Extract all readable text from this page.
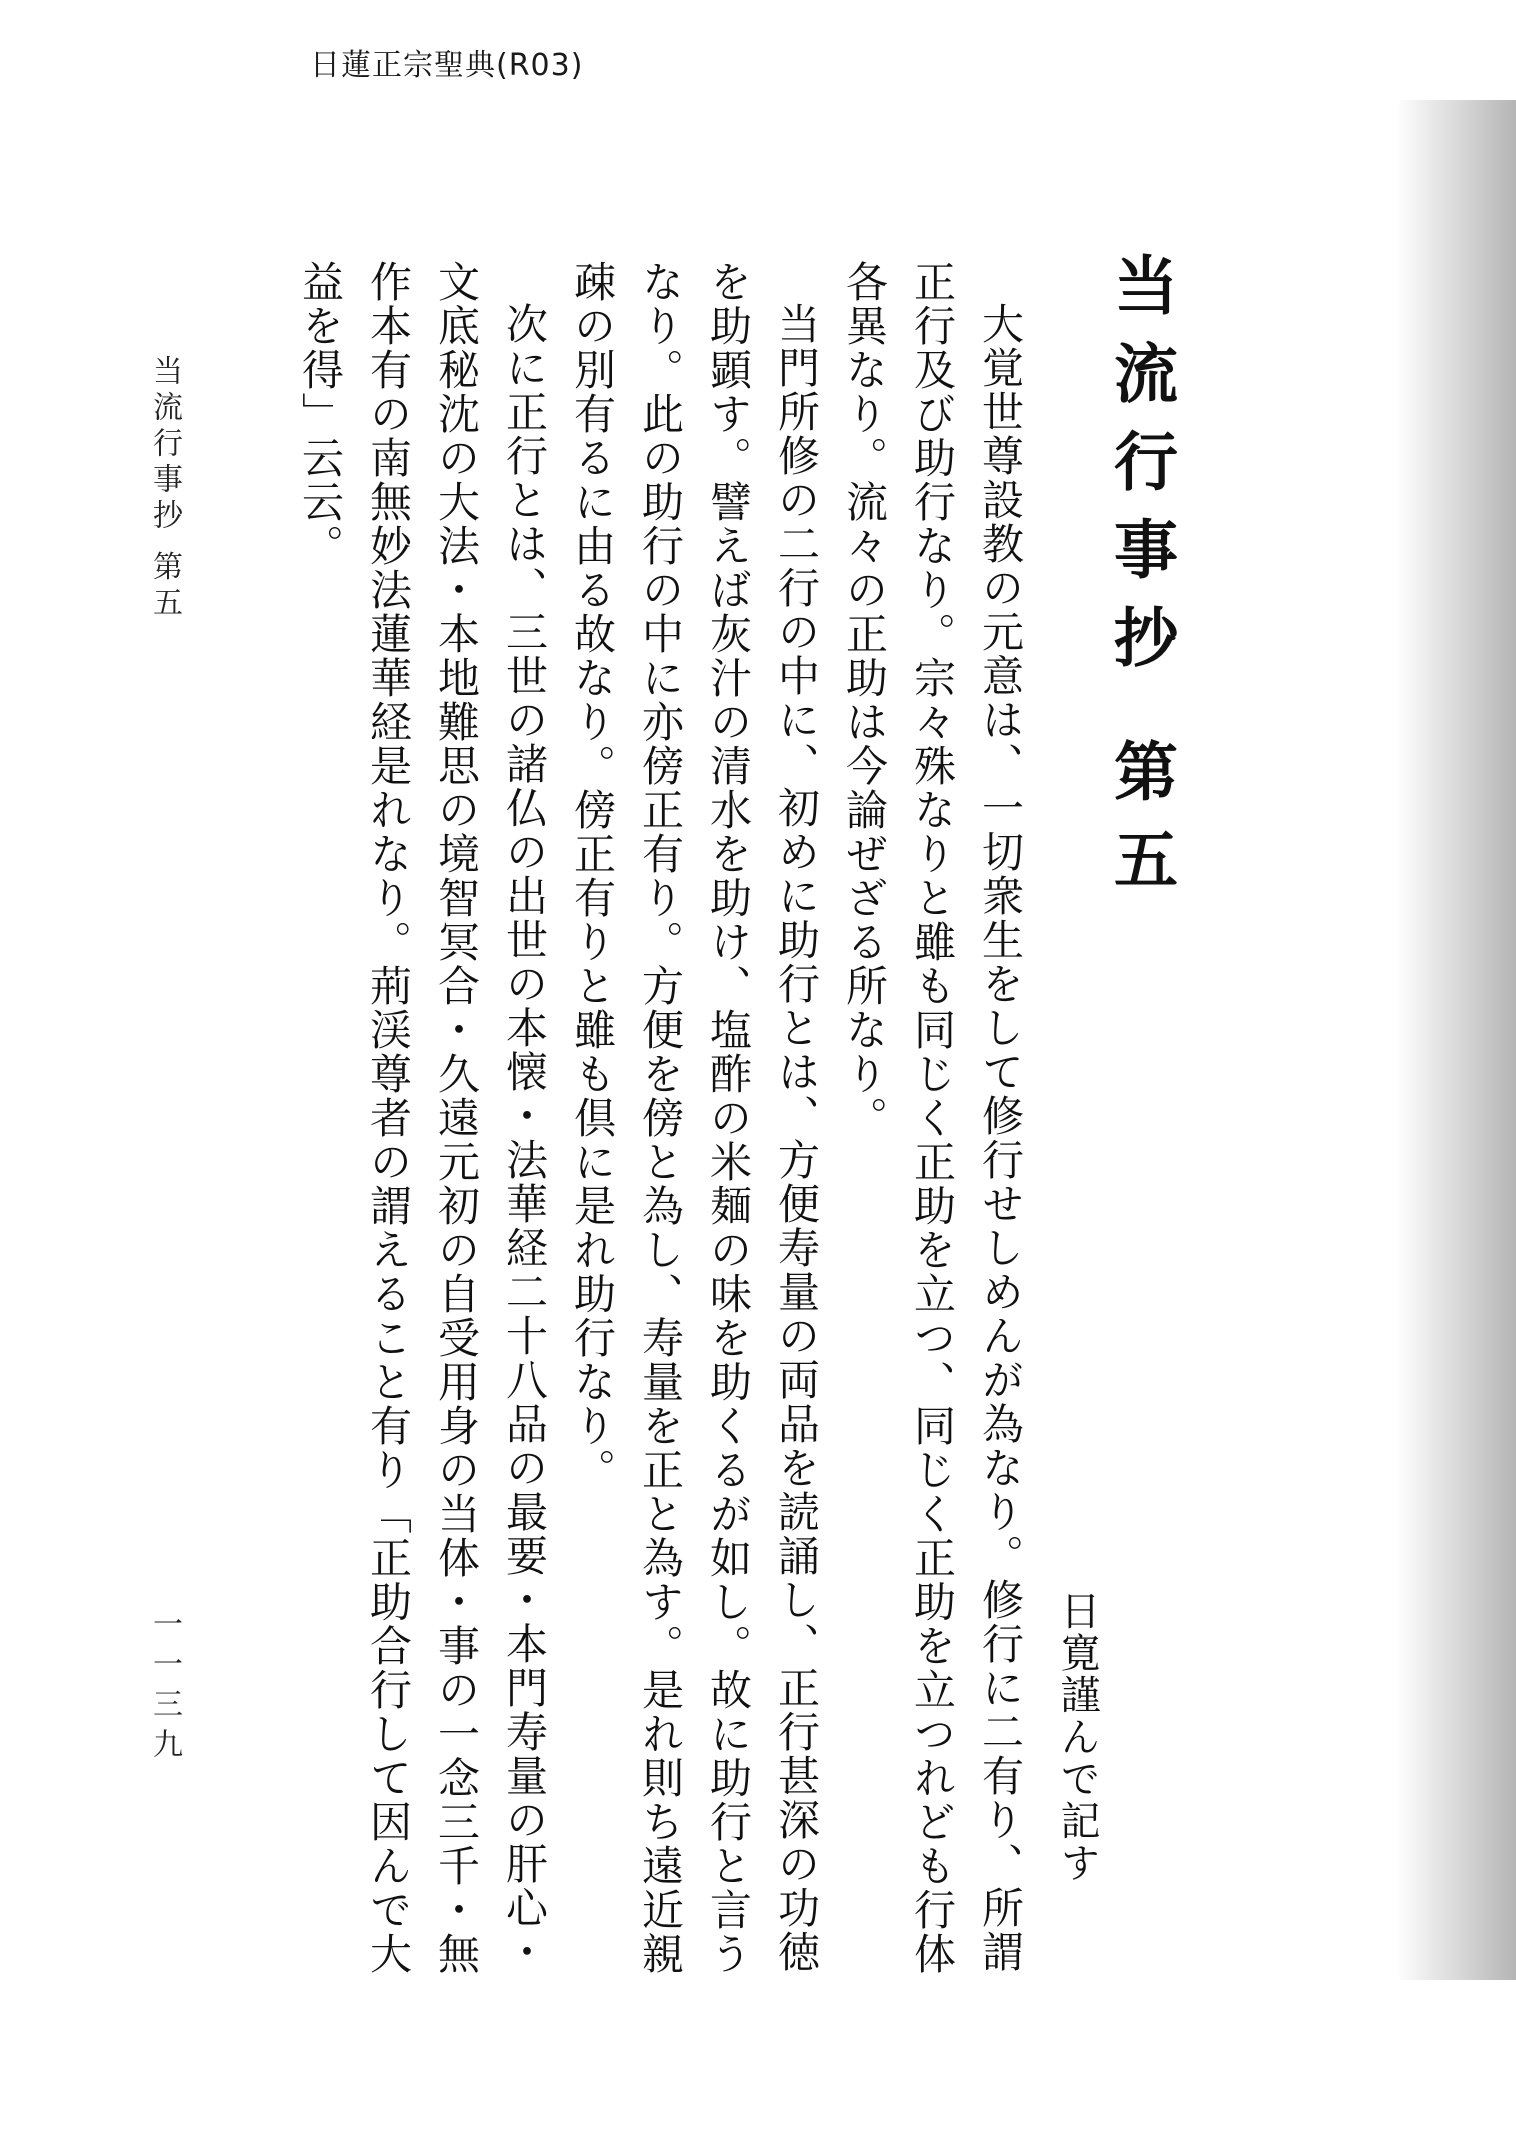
日蓮正宗聖典(R03)
当流行事抄 第五
日寛謹んで記す

大覚世尊設教の元意は、一切衆生をして修行せしめんが為なり。修行に二有り、所謂正行及び助行なり。宗々殊なりと雖も同じく正助を立つ、同じく正助を立つれども行体各異なり。流々の正助は今論ぜざる所なり。

当門所修の二行の中に、初めに助行とは、方便寿量の両品を読誦し、正行甚深の功徳を助顕す。譬えば灰汁の清水を助け、塩酢の米麺の味を助くるが如し。故に助行と言うなり。此の助行の中に亦傍正有り。方便を傍と為し、寿量を正と為す。是れ則ち遠近親疎の別有るに由る故なり。傍正有りと雖も倶に是れ助行なり。

次に正行とは、三世の諸仏の出世の本懐・法華経二十八品の最要・本門寿量の肝心・文底秘沈の大法・本地難思の境智冥合・久遠元初の自受用身の当体・事の一念三千・無作本有の南無妙法蓮華経是れなり。荊渓尊者の謂えること有り「正助合行して因んで大益を得」云云。

当流行事抄 第五
一一三九
